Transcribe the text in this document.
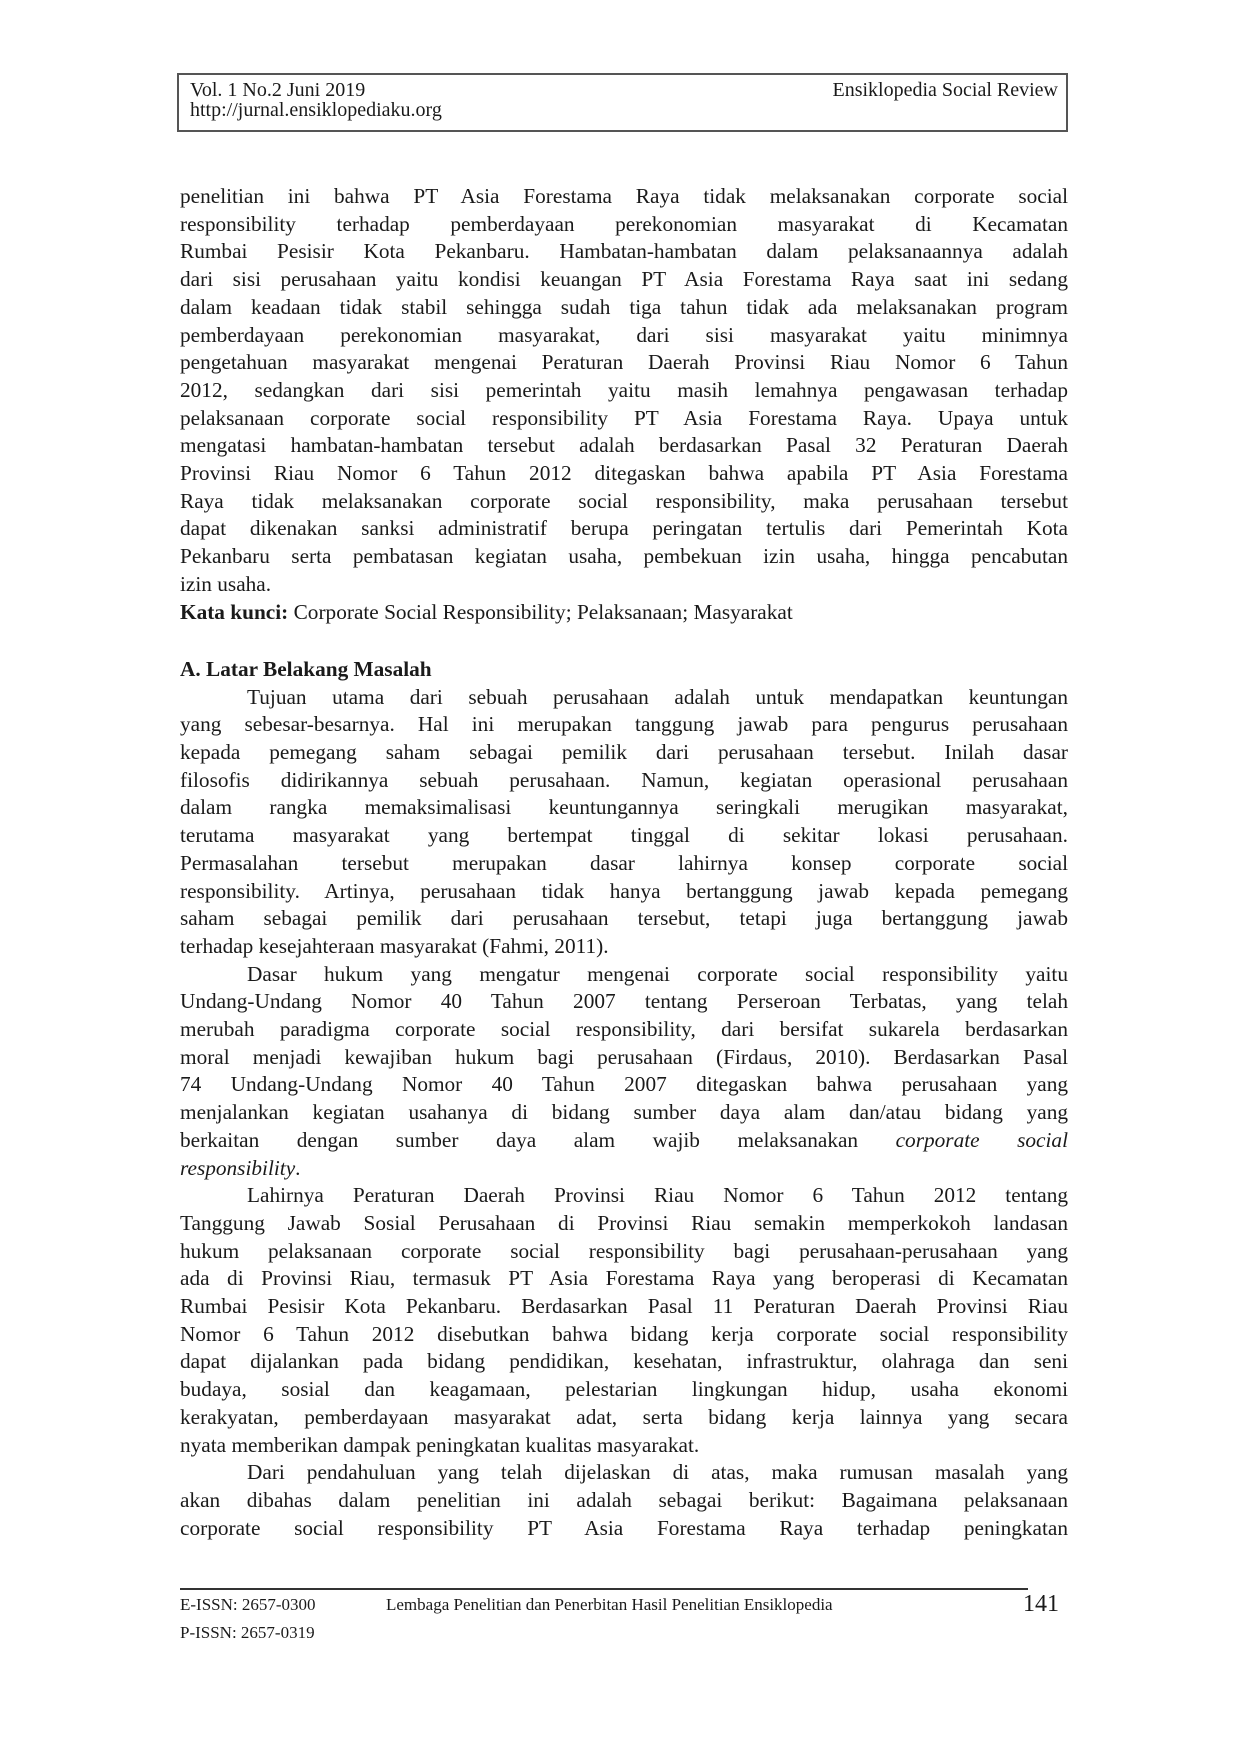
Vol. 1 No.2 Juni 2019	Ensiklopedia Social Review
http://jurnal.ensiklopediaku.org
penelitian ini bahwa PT Asia Forestama Raya tidak melaksanakan corporate social
responsibility terhadap pemberdayaan perekonomian masyarakat di Kecamatan
Rumbai Pesisir Kota Pekanbaru. Hambatan-hambatan dalam pelaksanaannya adalah
dari sisi perusahaan yaitu kondisi keuangan PT Asia Forestama Raya saat ini sedang
dalam keadaan tidak stabil sehingga sudah tiga tahun tidak ada melaksanakan program
pemberdayaan perekonomian masyarakat, dari sisi masyarakat yaitu minimnya
pengetahuan masyarakat mengenai Peraturan Daerah Provinsi Riau Nomor 6 Tahun
2012, sedangkan dari sisi pemerintah yaitu masih lemahnya pengawasan terhadap
pelaksanaan corporate social responsibility PT Asia Forestama Raya. Upaya untuk
mengatasi hambatan-hambatan tersebut adalah berdasarkan Pasal 32 Peraturan Daerah
Provinsi Riau Nomor 6 Tahun 2012 ditegaskan bahwa apabila PT Asia Forestama
Raya tidak melaksanakan corporate social responsibility, maka perusahaan tersebut
dapat dikenakan sanksi administratif berupa peringatan tertulis dari Pemerintah Kota
Pekanbaru serta pembatasan kegiatan usaha, pembekuan izin usaha, hingga pencabutan
izin usaha.
Kata kunci: Corporate Social Responsibility; Pelaksanaan; Masyarakat
A. Latar Belakang Masalah
Tujuan utama dari sebuah perusahaan adalah untuk mendapatkan keuntungan
yang sebesar-besarnya. Hal ini merupakan tanggung jawab para pengurus perusahaan
kepada pemegang saham sebagai pemilik dari perusahaan tersebut. Inilah dasar
filosofis didirikannya sebuah perusahaan. Namun, kegiatan operasional perusahaan
dalam rangka memaksimalisasi keuntungannya seringkali merugikan masyarakat,
terutama masyarakat yang bertempat tinggal di sekitar lokasi perusahaan.
Permasalahan tersebut merupakan dasar lahirnya konsep corporate social
responsibility. Artinya, perusahaan tidak hanya bertanggung jawab kepada pemegang
saham sebagai pemilik dari perusahaan tersebut, tetapi juga bertanggung jawab
terhadap kesejahteraan masyarakat (Fahmi, 2011).
Dasar hukum yang mengatur mengenai corporate social responsibility yaitu
Undang-Undang Nomor 40 Tahun 2007 tentang Perseroan Terbatas, yang telah
merubah paradigma corporate social responsibility, dari bersifat sukarela berdasarkan
moral menjadi kewajiban hukum bagi perusahaan (Firdaus, 2010). Berdasarkan Pasal
74 Undang-Undang Nomor 40 Tahun 2007 ditegaskan bahwa perusahaan yang
menjalankan kegiatan usahanya di bidang sumber daya alam dan/atau bidang yang
berkaitan dengan sumber daya alam wajib melaksanakan corporate social
responsibility.
Lahirnya Peraturan Daerah Provinsi Riau Nomor 6 Tahun 2012 tentang
Tanggung Jawab Sosial Perusahaan di Provinsi Riau semakin memperkokoh landasan
hukum pelaksanaan corporate social responsibility bagi perusahaan-perusahaan yang
ada di Provinsi Riau, termasuk PT Asia Forestama Raya yang beroperasi di Kecamatan
Rumbai Pesisir Kota Pekanbaru. Berdasarkan Pasal 11 Peraturan Daerah Provinsi Riau
Nomor 6 Tahun 2012 disebutkan bahwa bidang kerja corporate social responsibility
dapat dijalankan pada bidang pendidikan, kesehatan, infrastruktur, olahraga dan seni
budaya, sosial dan keagamaan, pelestarian lingkungan hidup, usaha ekonomi
kerakyatan, pemberdayaan masyarakat adat, serta bidang kerja lainnya yang secara
nyata memberikan dampak peningkatan kualitas masyarakat.
Dari pendahuluan yang telah dijelaskan di atas, maka rumusan masalah yang
akan dibahas dalam penelitian ini adalah sebagai berikut: Bagaimana pelaksanaan
corporate social responsibility PT Asia Forestama Raya terhadap peningkatan
E-ISSN: 2657-0300	Lembaga Penelitian dan Penerbitan Hasil Penelitian Ensiklopedia	141
P-ISSN: 2657-0319
